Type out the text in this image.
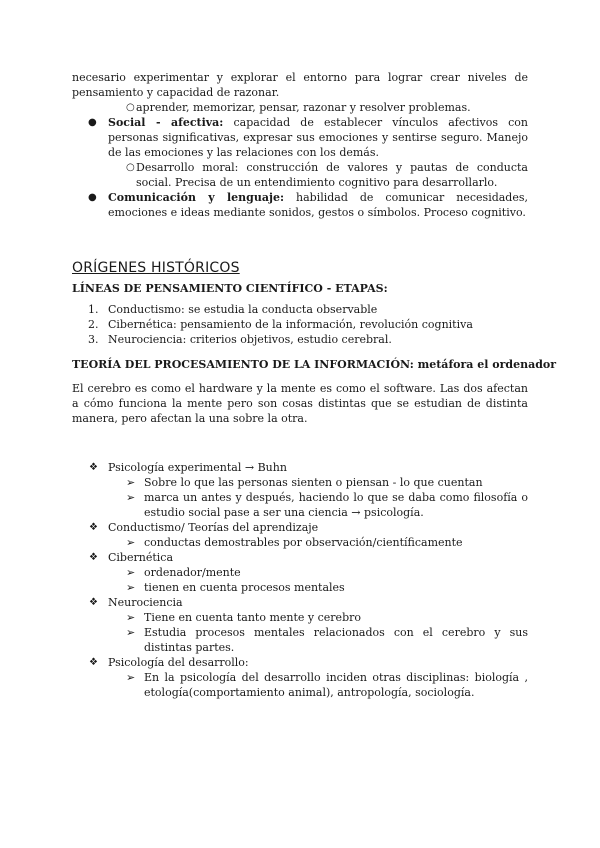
necesario experimentar y explorar el entorno para lograr crear niveles de pensamiento y capacidad de razonar.

○ aprender, memorizar, pensar, razonar y resolver problemas.

● Social - afectiva: capacidad de establecer vínculos afectivos con personas significativas, expresar sus emociones y sentirse seguro. Manejo de las emociones y las relaciones con los demás.

○ Desarrollo moral: construcción de valores y pautas de conducta social. Precisa de un entendimiento cognitivo para desarrollarlo.

● Comunicación y lenguaje: habilidad de comunicar necesidades, emociones e ideas mediante sonidos, gestos o símbolos. Proceso cognitivo.

ORÍGENES HISTÓRICOS
LÍNEAS DE PENSAMIENTO CIENTÍFICO - ETAPAS:
1. Conductismo: se estudia la conducta observable
2. Cibernética: pensamiento de la información, revolución cognitiva
3. Neurociencia: criterios objetivos, estudio cerebral.
TEORÍA DEL PROCESAMIENTO DE LA INFORMACIÓN: metáfora el ordenador

El cerebro es como el hardware y la mente es como el software. Las dos afectan a cómo funciona la mente pero son cosas distintas que se estudian de distinta manera, pero afectan la una sobre la otra.

❖ Psicología experimental → Buhn
➢ Sobre lo que las personas sienten o piensan - lo que cuentan
➢ marca un antes y después, haciendo lo que se daba como filosofía o estudio social pase a ser una ciencia → psicología.
❖ Conductismo/ Teorías del aprendizaje
➢ conductas demostrables por observación/científicamente
❖ Cibernética
➢ ordenador/mente
➢ tienen en cuenta procesos mentales
❖ Neurociencia
➢ Tiene en cuenta tanto mente y cerebro
➢ Estudia procesos mentales relacionados con el cerebro y sus distintas partes.
❖ Psicología del desarrollo:
➢ En la psicología del desarrollo inciden otras disciplinas: biología , etología(comportamiento animal), antropología, sociología.
